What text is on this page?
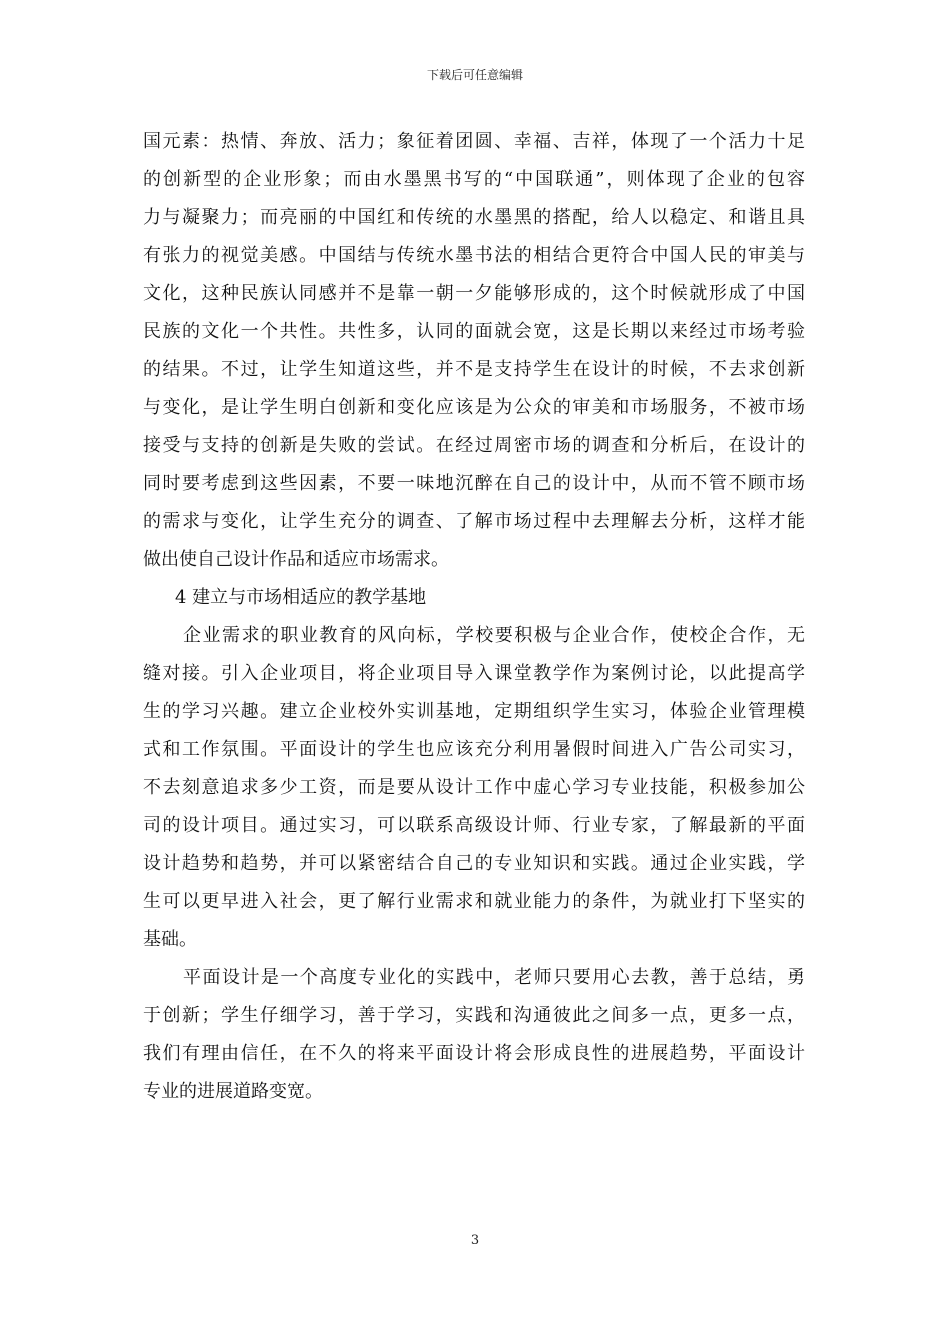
下载后可任意编辑
国元素：热情、奔放、活力；象征着团圆、幸福、吉祥，体现了一个活力十足
的创新型的企业形象；而由水墨黑书写的“中国联通”，则体现了企业的包容
力与凝聚力；而亮丽的中国红和传统的水墨黑的搭配，给人以稳定、和谐且具
有张力的视觉美感。中国结与传统水墨书法的相结合更符合中国人民的审美与
文化，这种民族认同感并不是靠一朝一夕能够形成的，这个时候就形成了中国
民族的文化一个共性。共性多，认同的面就会宽，这是长期以来经过市场考验
的结果。不过，让学生知道这些，并不是支持学生在设计的时候，不去求创新
与变化，是让学生明白创新和变化应该是为公众的审美和市场服务，不被市场
接受与支持的创新是失败的尝试。在经过周密市场的调查和分析后，在设计的
同时要考虑到这些因素，不要一味地沉醉在自己的设计中，从而不管不顾市场
的需求与变化，让学生充分的调查、了解市场过程中去理解去分析，这样才能
做出使自己设计作品和适应市场需求。
4 建立与市场相适应的教学基地
企业需求的职业教育的风向标，学校要积极与企业合作，使校企合作，无
缝对接。引入企业项目，将企业项目导入课堂教学作为案例讨论，以此提高学
生的学习兴趣。建立企业校外实训基地，定期组织学生实习，体验企业管理模
式和工作氛围。平面设计的学生也应该充分利用暑假时间进入广告公司实习，
不去刻意追求多少工资，而是要从设计工作中虚心学习专业技能，积极参加公
司的设计项目。通过实习，可以联系高级设计师、行业专家，了解最新的平面
设计趋势和趋势，并可以紧密结合自己的专业知识和实践。通过企业实践，学
生可以更早进入社会，更了解行业需求和就业能力的条件，为就业打下坚实的
基础。
平面设计是一个高度专业化的实践中，老师只要用心去教，善于总结，勇
于创新；学生仔细学习，善于学习，实践和沟通彼此之间多一点，更多一点，
我们有理由信任，在不久的将来平面设计将会形成良性的进展趋势，平面设计
专业的进展道路变宽。
3
